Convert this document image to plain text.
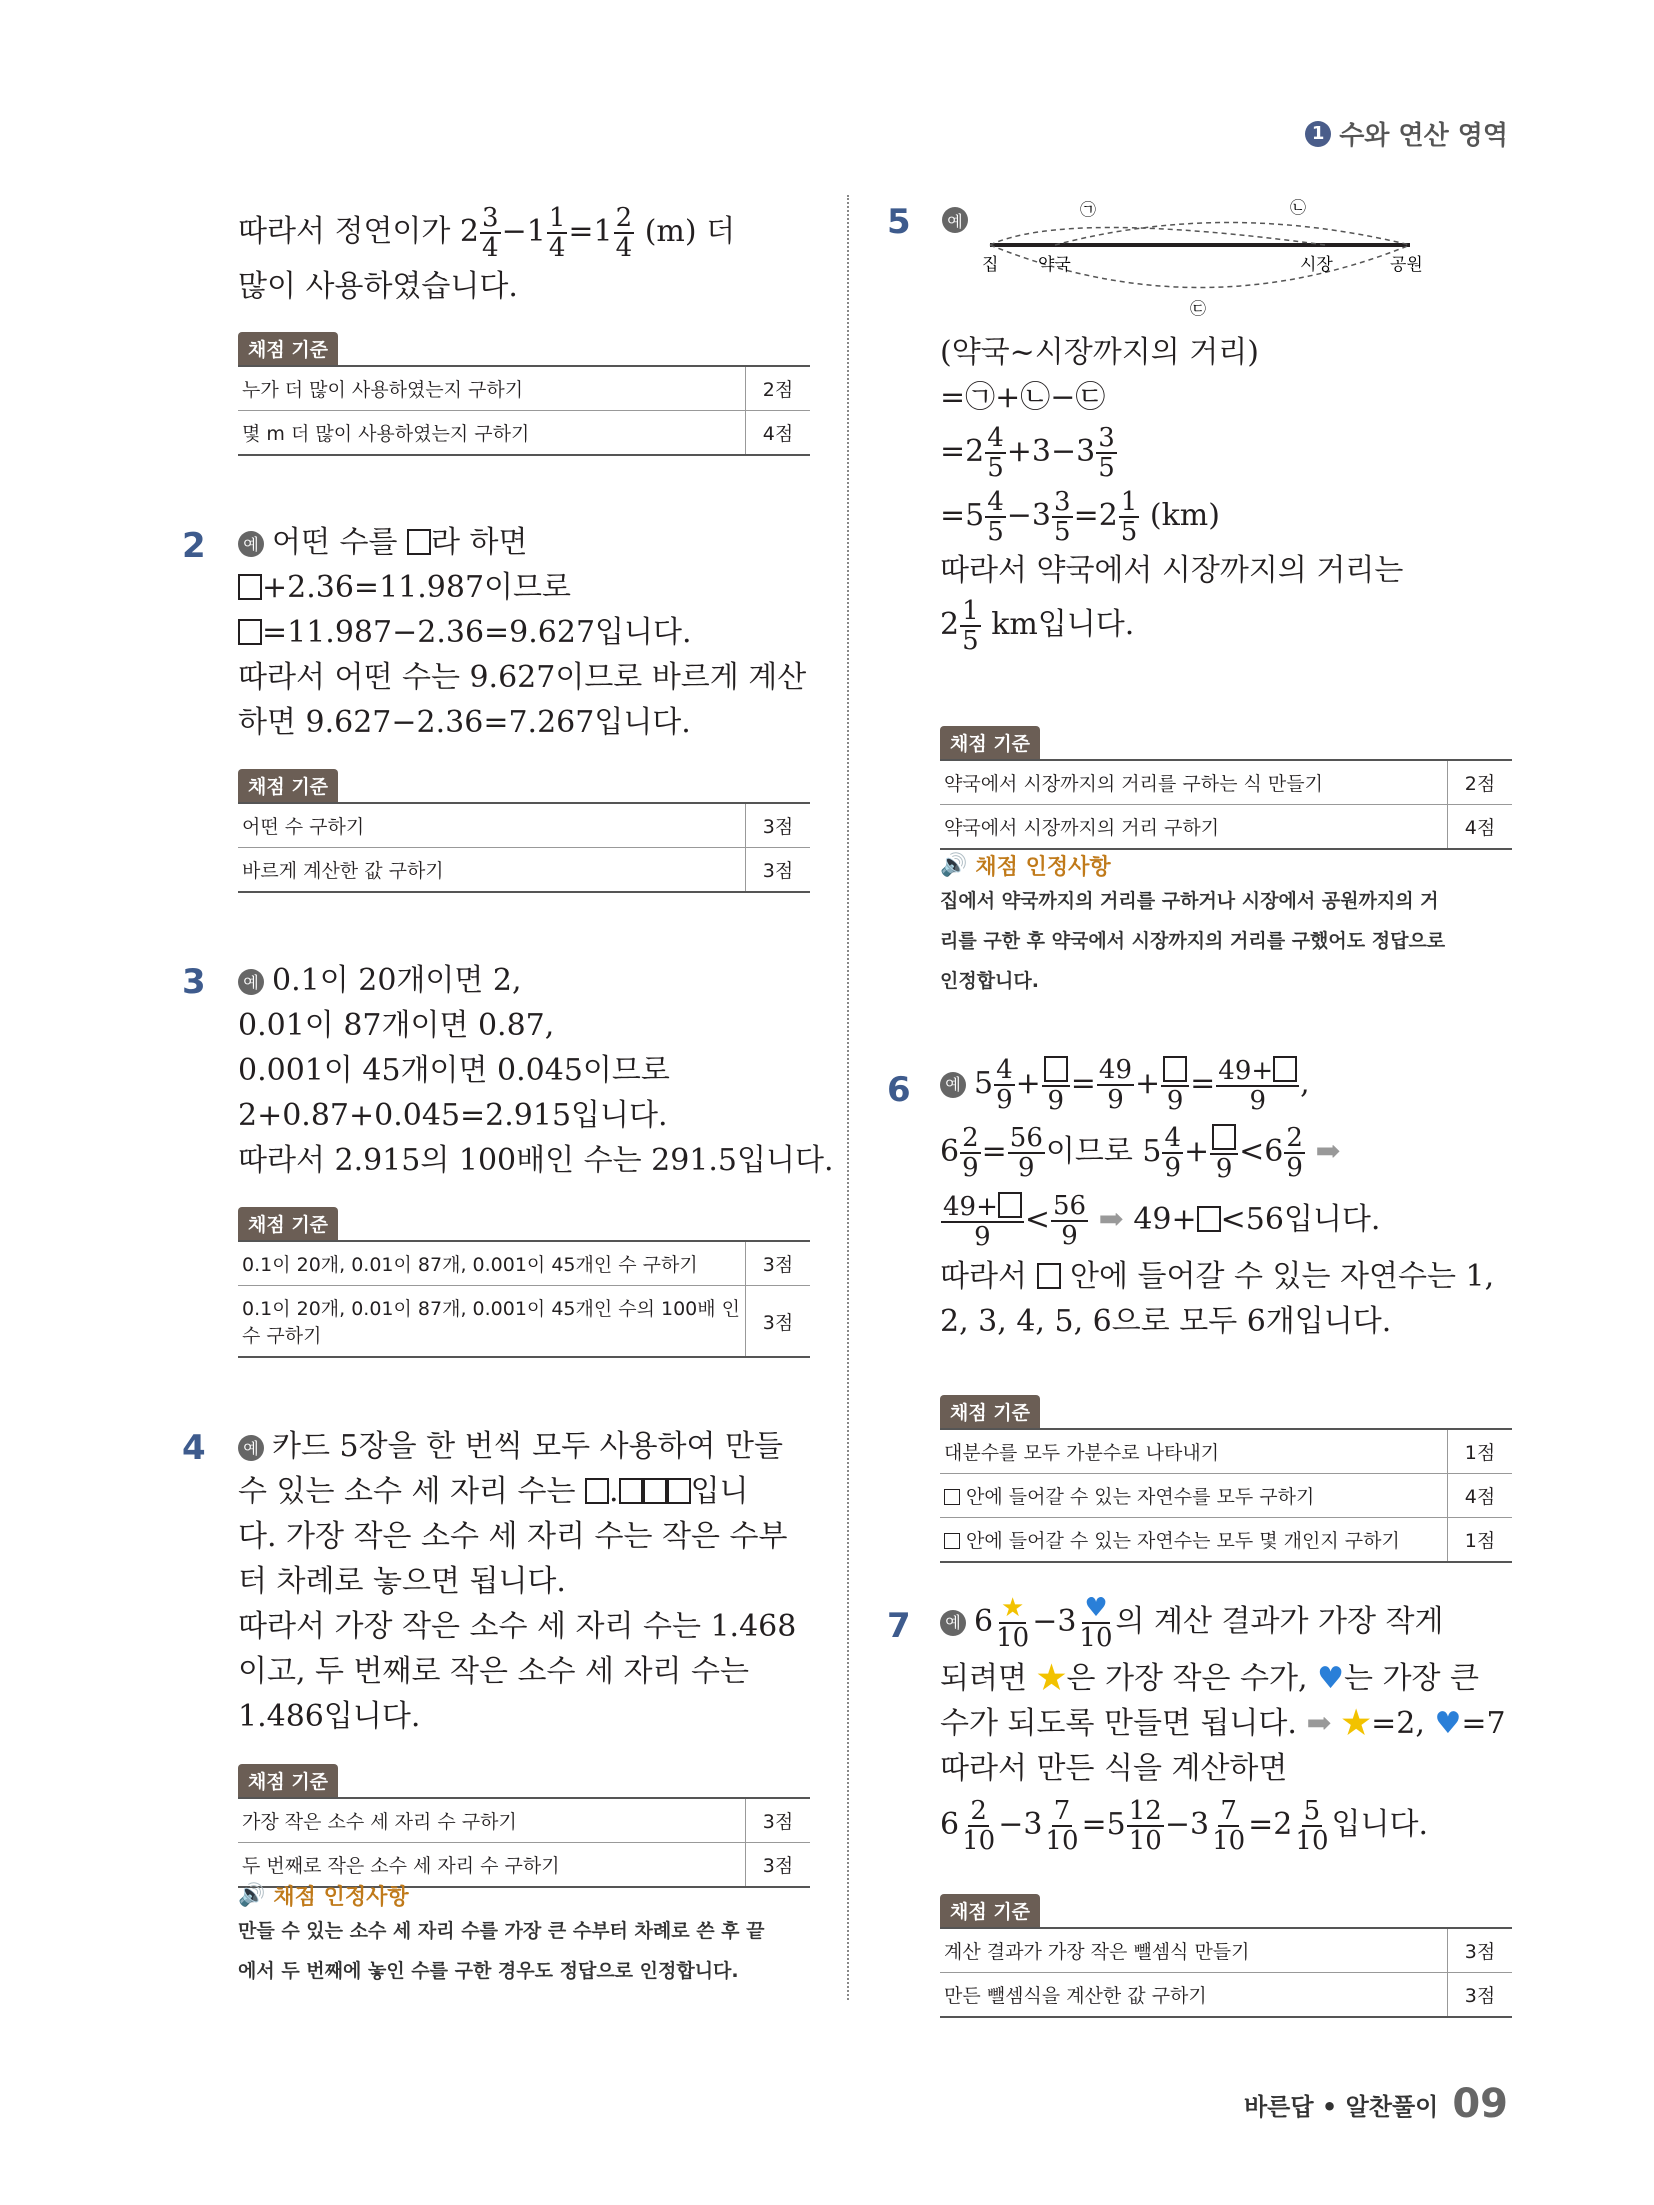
1 수와 연산 영역
따라서 정연이가 $2 \frac{3}{4} -1 \frac{1}{4} =1 \frac{2}{4} (m)$ 더
많이 사용하였습니다.
채점 기준
누가 더 많이 사용하였는지 구하기	2점
몇 m 더 많이 사용하였는지 구하기	4점
2	예 어떤 수를 라 하면
+2.36=11.987이므로
=11.987−2.36=9.627입니다.
따라서 어떤 수는 9.627이므로 바르게 계산
하면 9.627−2.36=7.267입니다.
채점 기준
어떤 수 구하기	3점
바르게 계산한 값 구하기	3점
3	예 0.1이 20개이면 2,
0.01이 87개이면 0.87,
0.001이 45개이면 0.045이므로
2+0.87+0.045=2.915입니다.
따라서 2.915의 100배인 수는 291.5입니다.
채점 기준
0.1이 20개, 0.01이 87개, 0.001이 45개인 수 구하기	3점
0.1이 20개, 0.01이 87개, 0.001이 45개인 수의 100배 인 수 구하기	3점
4	예 카드 5장을 한 번씩 모두 사용하여 만들
수 있는 소수 세 자리 수는 . 입니
다. 가장 작은 소수 세 자리 수는 작은 수부
터 차례로 놓으면 됩니다.
따라서 가장 작은 소수 세 자리 수는 1.468
이고, 두 번째로 작은 소수 세 자리 수는
1.486입니다.
채점 기준
가장 작은 소수 세 자리 수 구하기	3점
두 번째로 작은 소수 세 자리 수 구하기	3점
🔊 채점 인정사항
만들 수 있는 소수 세 자리 수를 가장 큰 수부터 차례로 쓴 후 끝
에서 두 번째에 놓인 수를 구한 경우도 정답으로 인정합니다.
5	예
㉠	㉡
㉢
집 약국	시장	공원
(약국~시장까지의 거리)
=㉠+㉡−㉢
$=2 \frac{4}{5} +3-3 \frac{3}{5}$
$=5 \frac{4}{5} -3 \frac{3}{5} =2 \frac{1}{5} (km)$
따라서 약국에서 시장까지의 거리는
$2 \frac{1}{5}$ km입니다.
채점 기준
약국에서 시장까지의 거리를 구하는 식 만들기	2점
약국에서 시장까지의 거리 구하기	4점
🔊 채점 인정사항
집에서 약국까지의 거리를 구하거나 시장에서 공원까지의 거
리를 구한 후 약국에서 시장까지의 거리를 구했어도 정답으로
인정합니다.
6	예 $5 \frac{4}{9} + 9 = \frac{49}{9} + 9 = \frac{49+}{9}$ ,
$6 \frac{2}{9} = \frac{56}{9}$ 이므로 $5 \frac{4}{9} + 9 <6 \frac{2}{9}$ ➡
$\frac{49+}{9} < \frac{56}{9}$ ➡ 49+ <56입니다.
따라서 안에 들어갈 수 있는 자연수는 1,
2, 3, 4, 5, 6으로 모두 6개입니다.
채점 기준
대분수를 모두 가분수로 나타내기	1점
안에 들어갈 수 있는 자연수를 모두 구하기	4점
안에 들어갈 수 있는 자연수는 모두 몇 개인지 구하기	1점
7	예 $6 \frac{★}{10} -3 \frac{♥}{10}$ 의 계산 결과가 가장 작게
되려면 ★은 가장 작은 수가, ♥는 가장 큰
수가 되도록 만들면 됩니다. ➡ ★=2, ♥=7
따라서 만든 식을 계산하면
$6 \frac{2}{10} -3 \frac{7}{10} =5 \frac{12}{10} -3 \frac{7}{10} =2 \frac{5}{10}$ 입니다.
채점 기준
계산 결과가 가장 작은 뺄셈식 만들기	3점
만든 뺄셈식을 계산한 값 구하기	3점
바른답 • 알찬풀이 09
